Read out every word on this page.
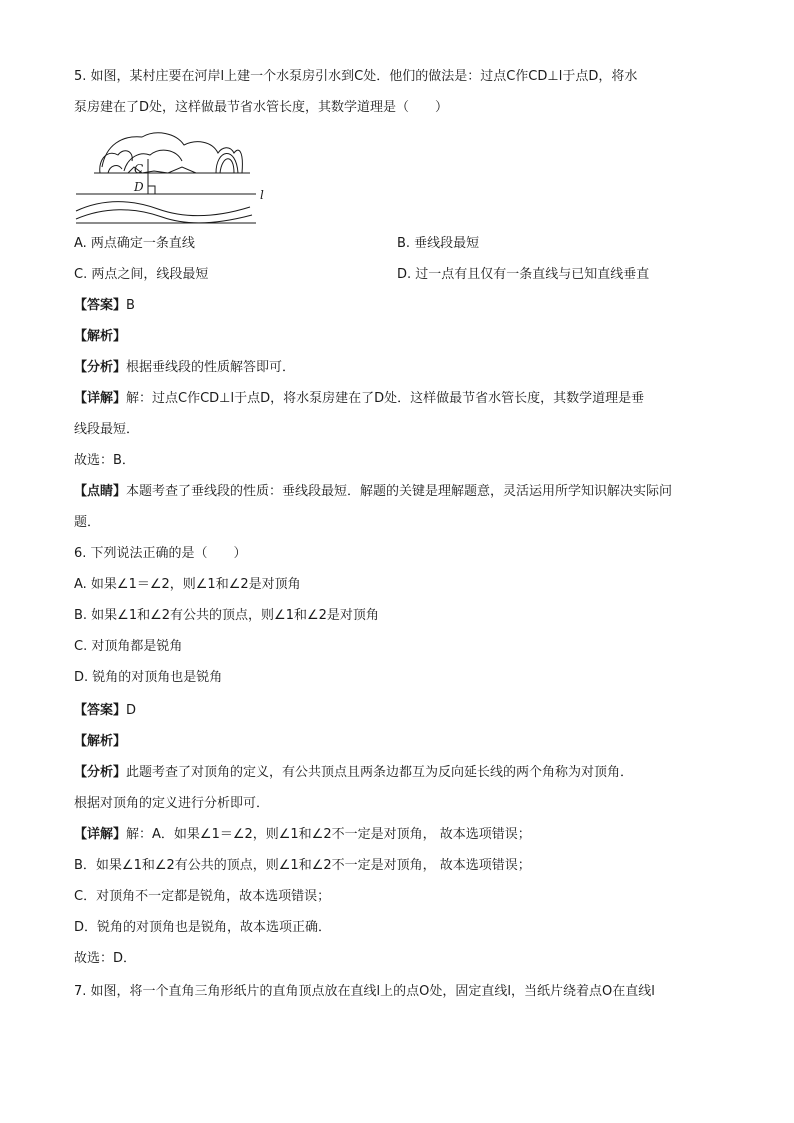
5. 如图，某村庄要在河岸l上建一个水泵房引水到C处．他们的做法是：过点C作CD⊥l于点D，将水
泵房建在了D处，这样做最节省水管长度，其数学道理是（　　）
C
D
l
A. 两点确定一条直线	B. 垂线段最短
C. 两点之间，线段最短	D. 过一点有且仅有一条直线与已知直线垂直
【答案】B
【解析】
【分析】根据垂线段的性质解答即可．
【详解】解：过点C作CD⊥l于点D，将水泵房建在了D处．这样做最节省水管长度，其数学道理是垂
线段最短．
故选：B．
【点睛】本题考查了垂线段的性质：垂线段最短．解题的关键是理解题意，灵活运用所学知识解决实际问
题．
6. 下列说法正确的是（　　）
A. 如果∠1＝∠2，则∠1和∠2是对顶角
B. 如果∠1和∠2有公共的顶点，则∠1和∠2是对顶角
C. 对顶角都是锐角
D. 锐角的对顶角也是锐角
【答案】D
【解析】
【分析】此题考查了对顶角的定义，有公共顶点且两条边都互为反向延长线的两个角称为对顶角．
根据对顶角的定义进行分析即可．
【详解】解：A．如果∠1＝∠2，则∠1和∠2不一定是对顶角， 故本选项错误；
B．如果∠1和∠2有公共的顶点，则∠1和∠2不一定是对顶角， 故本选项错误；
C．对顶角不一定都是锐角，故本选项错误；
D．锐角的对顶角也是锐角，故本选项正确．
故选：D．
7. 如图，将一个直角三角形纸片的直角顶点放在直线l上的点O处，固定直线l，当纸片绕着点O在直线l
